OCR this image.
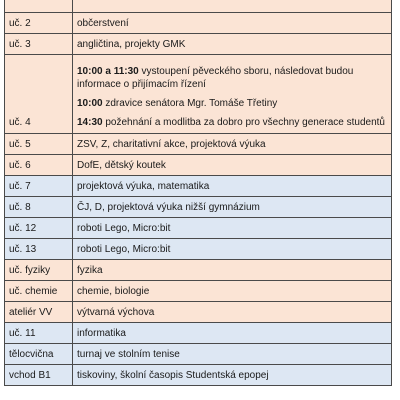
uč. 2	občerstvení
uč. 3	angličtina, projekty GMK
uč. 4	10:00 a 11:30 vystoupení pěveckého sboru, následovat budou informace o přijímacím řízení
10:00 zdravice senátora Mgr. Tomáše Třetiny
14:30 požehnání a modlitba za dobro pro všechny generace studentů

uč. 5	ZSV, Z, charitativní akce, projektová výuka
uč. 6	DofE, dětský koutek
uč. 7	projektová výuka, matematika
uč. 8	ČJ, D, projektová výuka nižší gymnázium
uč. 12	roboti Lego, Micro:bit
uč. 13	roboti Lego, Micro:bit
uč. fyziky	fyzika
uč. chemie	chemie, biologie
ateliér VV	výtvarná výchova
uč. 11	informatika
tělocvična	turnaj ve stolním tenise
vchod B1	tiskoviny, školní časopis Studentská epopej
